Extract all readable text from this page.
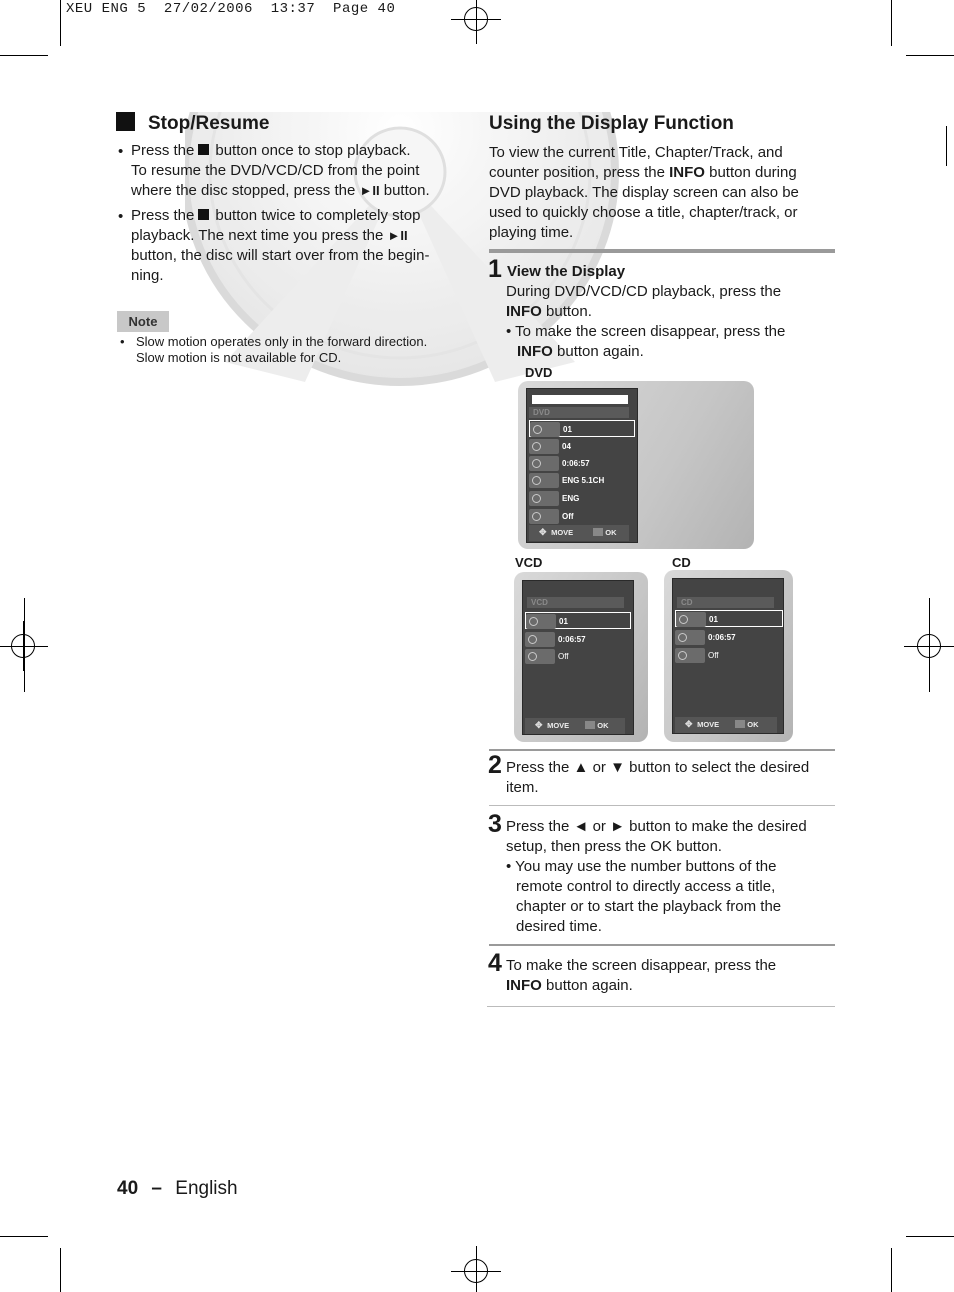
XEU ENG 5  27/02/2006  13:37  Page 40
Stop/Resume
• Press the button once to stop playback.
To resume the DVD/VCD/CD from the point
where the disc stopped, press the ►II button.
• Press the button twice to completely stop
playback. The next time you press the ►II
button, the disc will start over from the begin-
ning.
Note
• Slow motion operates only in the forward direction.
Slow motion is not available for CD.
Using the Display Function
To view the current Title, Chapter/Track, and
counter position, press the INFO button during
DVD playback. The display screen can also be
used to quickly choose a title, chapter/track, or
playing time.
1 View the Display
During DVD/VCD/CD playback, press the
INFO button.
• To make the screen disappear, press the
INFO button again.
DVD
DVD
01
04
0:06:57
ENG 5.1CH
ENG
Off
✥ MOVE	OK
VCD	CD
VCD
01
0:06:57
Off
✥ MOVE	OK
CD
01
0:06:57
Off
✥ MOVE	OK
2 Press the ▲ or ▼ button to select the desired
item.
3 Press the ◄ or ► button to make the desired
setup, then press the OK button.
• You may use the number buttons of the
remote control to directly access a title,
chapter or to start the playback from the
desired time.
4 To make the screen disappear, press the
INFO button again.
40 – English
